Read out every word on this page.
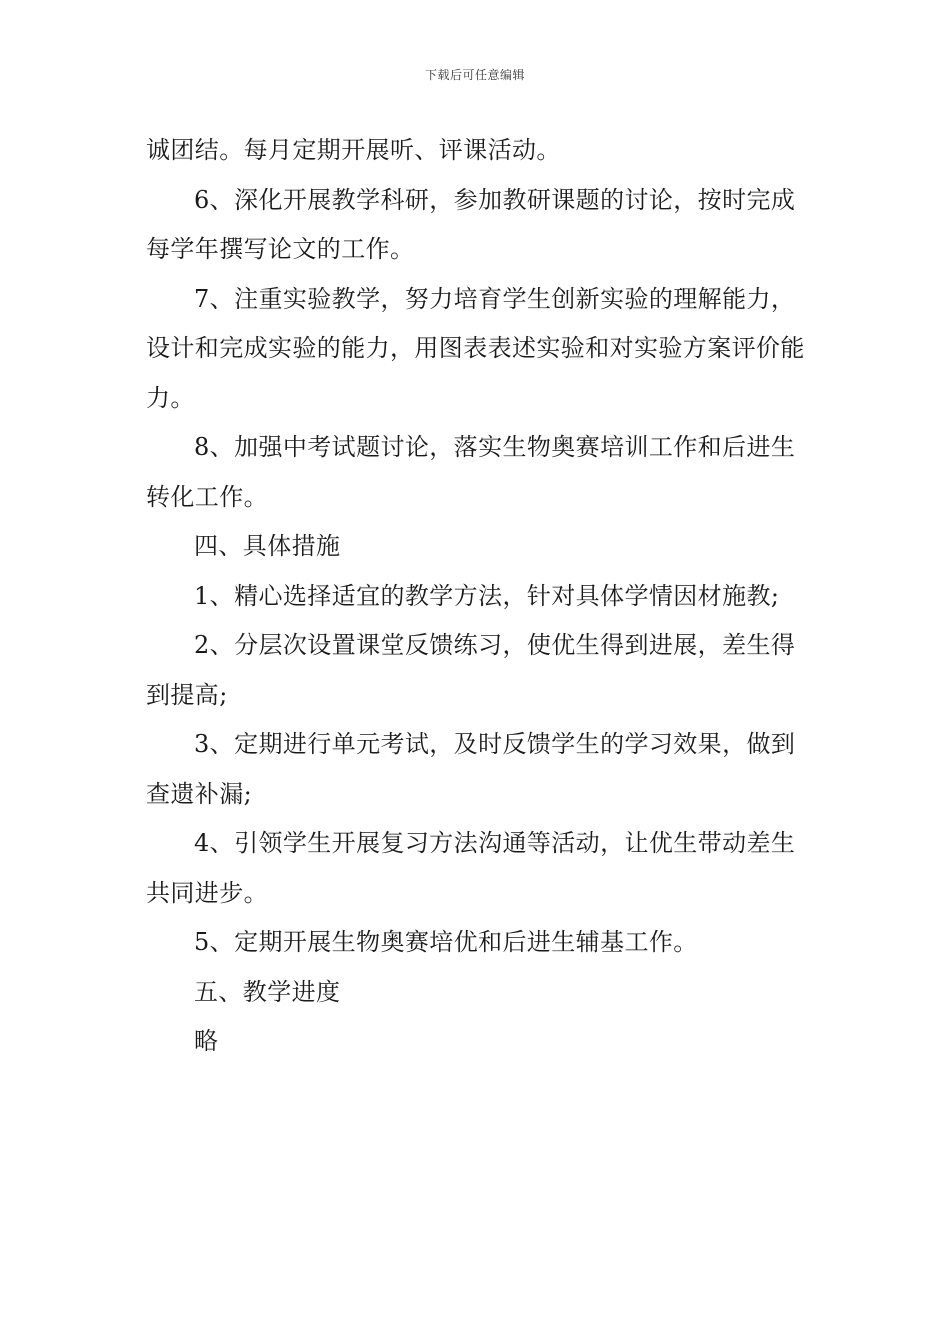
下载后可任意编辑

诚团结。每月定期开展听、评课活动。

6、深化开展教学科研，参加教研课题的讨论，按时完成每学年撰写论文的工作。

7、注重实验教学，努力培育学生创新实验的理解能力，设计和完成实验的能力，用图表表述实验和对实验方案评价能力。

8、加强中考试题讨论，落实生物奥赛培训工作和后进生转化工作。

四、具体措施

1、精心选择适宜的教学方法，针对具体学情因材施教;

2、分层次设置课堂反馈练习，使优生得到进展，差生得到提高;

3、定期进行单元考试，及时反馈学生的学习效果，做到查遗补漏;

4、引领学生开展复习方法沟通等活动，让优生带动差生共同进步。

5、定期开展生物奥赛培优和后进生辅基工作。

五、教学进度

略
